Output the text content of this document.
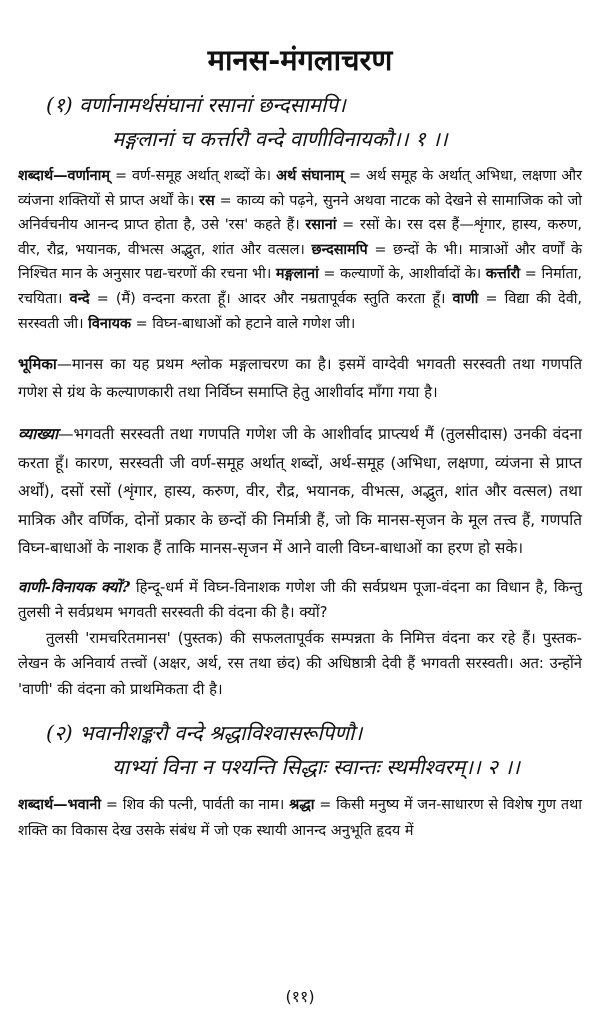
मानस-मंगलाचरण
(१) वर्णानामर्थसंघानां रसानां छन्दसामपि।
मङ्गलानां च कर्त्तारौ वन्दे वाणीविनायकौ।। १ ।।
शब्दार्थ—वर्णानाम् = वर्ण-समूह अर्थात् शब्दों के। अर्थ संघानाम् = अर्थ समूह के अर्थात् अभिधा, लक्षणा और व्यंजना शक्तियों से प्राप्त अर्थों के। रस = काव्य को पढ़ने, सुनने अथवा नाटक को देखने से सामाजिक को जो अनिर्वचनीय आनन्द प्राप्त होता है, उसे 'रस' कहते हैं। रसानां = रसों के। रस दस हैं—शृंगार, हास्य, करुण, वीर, रौद्र, भयानक, वीभत्स अद्भुत, शांत और वत्सल। छन्दसामपि = छन्दों के भी। मात्राओं और वर्णों के निश्चित मान के अनुसार पद्य-चरणों की रचना भी। मङ्गलानां = कल्याणों के, आशीर्वादों के। कर्त्तारौ = निर्माता, रचयिता। वन्दे = (मैं) वन्दना करता हूँ। आदर और नम्रतापूर्वक स्तुति करता हूँ। वाणी = विद्या की देवी, सरस्वती जी। विनायक = विघ्न-बाधाओं को हटाने वाले गणेश जी।
भूमिका—मानस का यह प्रथम श्लोक मङ्गलाचरण का है। इसमें वाग्देवी भगवती सरस्वती तथा गणपति गणेश से ग्रंथ के कल्याणकारी तथा निर्विघ्न समाप्ति हेतु आशीर्वाद माँगा गया है।
व्याख्या—भगवती सरस्वती तथा गणपति गणेश जी के आशीर्वाद प्राप्त्यर्थ मैं (तुलसीदास) उनकी वंदना करता हूँ। कारण, सरस्वती जी वर्ण-समूह अर्थात् शब्दों, अर्थ-समूह (अभिधा, लक्षणा, व्यंजना से प्राप्त अर्थों), दसों रसों (शृंगार, हास्य, करुण, वीर, रौद्र, भयानक, वीभत्स, अद्भुत, शांत और वत्सल) तथा मात्रिक और वर्णिक, दोनों प्रकार के छन्दों की निर्मात्री हैं, जो कि मानस-सृजन के मूल तत्त्व हैं, गणपति विघ्न-बाधाओं के नाशक हैं ताकि मानस-सृजन में आने वाली विघ्न-बाधाओं का हरण हो सके।

वाणी-विनायक क्यों? हिन्दू-धर्म में विघ्न-विनाशक गणेश जी की सर्वप्रथम पूजा-वंदना का विधान है, किन्तु तुलसी ने सर्वप्रथम भगवती सरस्वती की वंदना की है। क्यों?

तुलसी 'रामचरितमानस' (पुस्तक) की सफलतापूर्वक सम्पन्नता के निमित्त वंदना कर रहे हैं। पुस्तक-लेखन के अनिवार्य तत्त्वों (अक्षर, अर्थ, रस तथा छंद) की अधिष्ठात्री देवी हैं भगवती सरस्वती। अत: उन्होंने 'वाणी' की वंदना को प्राथमिकता दी है।

(२) भवानीशङ्करौ वन्दे श्रद्धाविश्वासरूपिणौ।
याभ्यां विना न पश्यन्ति सिद्धाः स्वान्तः स्थमीश्वरम्।। २ ।।
शब्दार्थ—भवानी = शिव की पत्नी, पार्वती का नाम। श्रद्धा = किसी मनुष्य में जन-साधारण से विशेष गुण तथा शक्ति का विकास देख उसके संबंध में जो एक स्थायी आनन्द अनुभूति हृदय में
(११)
